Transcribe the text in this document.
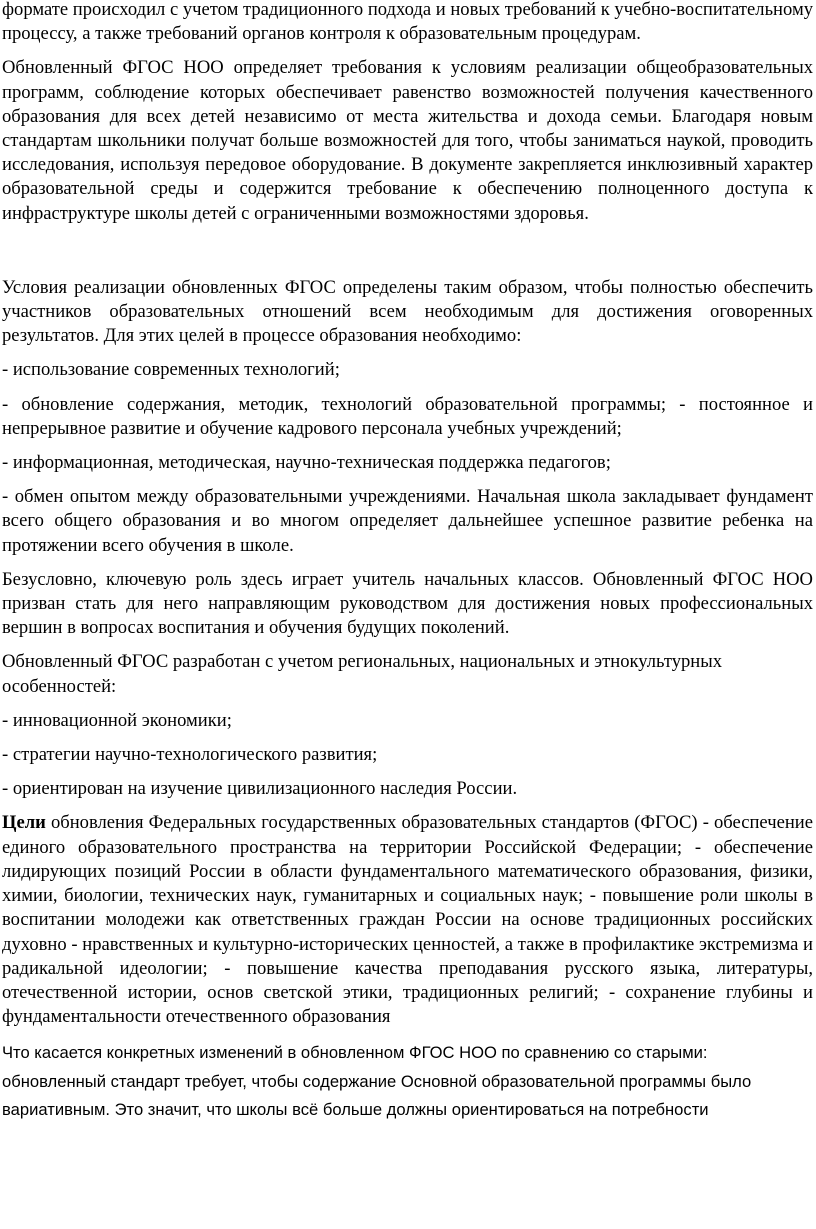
формате происходил с учетом традиционного подхода и новых требований к учебно-воспитательному процессу, а также требований органов контроля к образовательным процедурам.

Обновленный ФГОС НОО определяет требования к условиям реализации общеобразовательных программ, соблюдение которых обеспечивает равенство возможностей получения качественного образования для всех детей независимо от места жительства и дохода семьи. Благодаря новым стандартам школьники получат больше возможностей для того, чтобы заниматься наукой, проводить исследования, используя передовое оборудование. В документе закрепляется инклюзивный характер образовательной среды и содержится требование к обеспечению полноценного доступа к инфраструктуре школы детей с ограниченными возможностями здоровья.

Условия реализации обновленных ФГОС определены таким образом, чтобы полностью обеспечить участников образовательных отношений всем необходимым для достижения оговоренных результатов. Для этих целей в процессе образования необходимо:

- использование современных технологий;

- обновление содержания, методик, технологий образовательной программы; - постоянное и непрерывное развитие и обучение кадрового персонала учебных учреждений;

- информационная, методическая, научно-техническая поддержка педагогов;

- обмен опытом между образовательными учреждениями. Начальная школа закладывает фундамент всего общего образования и во многом определяет дальнейшее успешное развитие ребенка на протяжении всего обучения в школе.

Безусловно, ключевую роль здесь играет учитель начальных классов. Обновленный ФГОС НОО призван стать для него направляющим руководством для достижения новых профессиональных вершин в вопросах воспитания и обучения будущих поколений.

Обновленный ФГОС разработан с учетом региональных, национальных и этнокультурных особенностей:

- инновационной экономики;

- стратегии научно-технологического развития;

- ориентирован на изучение цивилизационного наследия России.

Цели обновления Федеральных государственных образовательных стандартов (ФГОС) - обеспечение единого образовательного пространства на территории Российской Федерации; - обеспечение лидирующих позиций России в области фундаментального математического образования, физики, химии, биологии, технических наук, гуманитарных и социальных наук; - повышение роли школы в воспитании молодежи как ответственных граждан России на основе традиционных российских духовно - нравственных и культурно-исторических ценностей, а также в профилактике экстремизма и радикальной идеологии; - повышение качества преподавания русского языка, литературы, отечественной истории, основ светской этики, традиционных религий; - сохранение глубины и фундаментальности отечественного образования

Что касается конкретных изменений в обновленном ФГОС НОО по сравнению со старыми: обновленный стандарт требует, чтобы содержание Основной образовательной программы было вариативным. Это значит, что школы всё больше должны ориентироваться на потребности
